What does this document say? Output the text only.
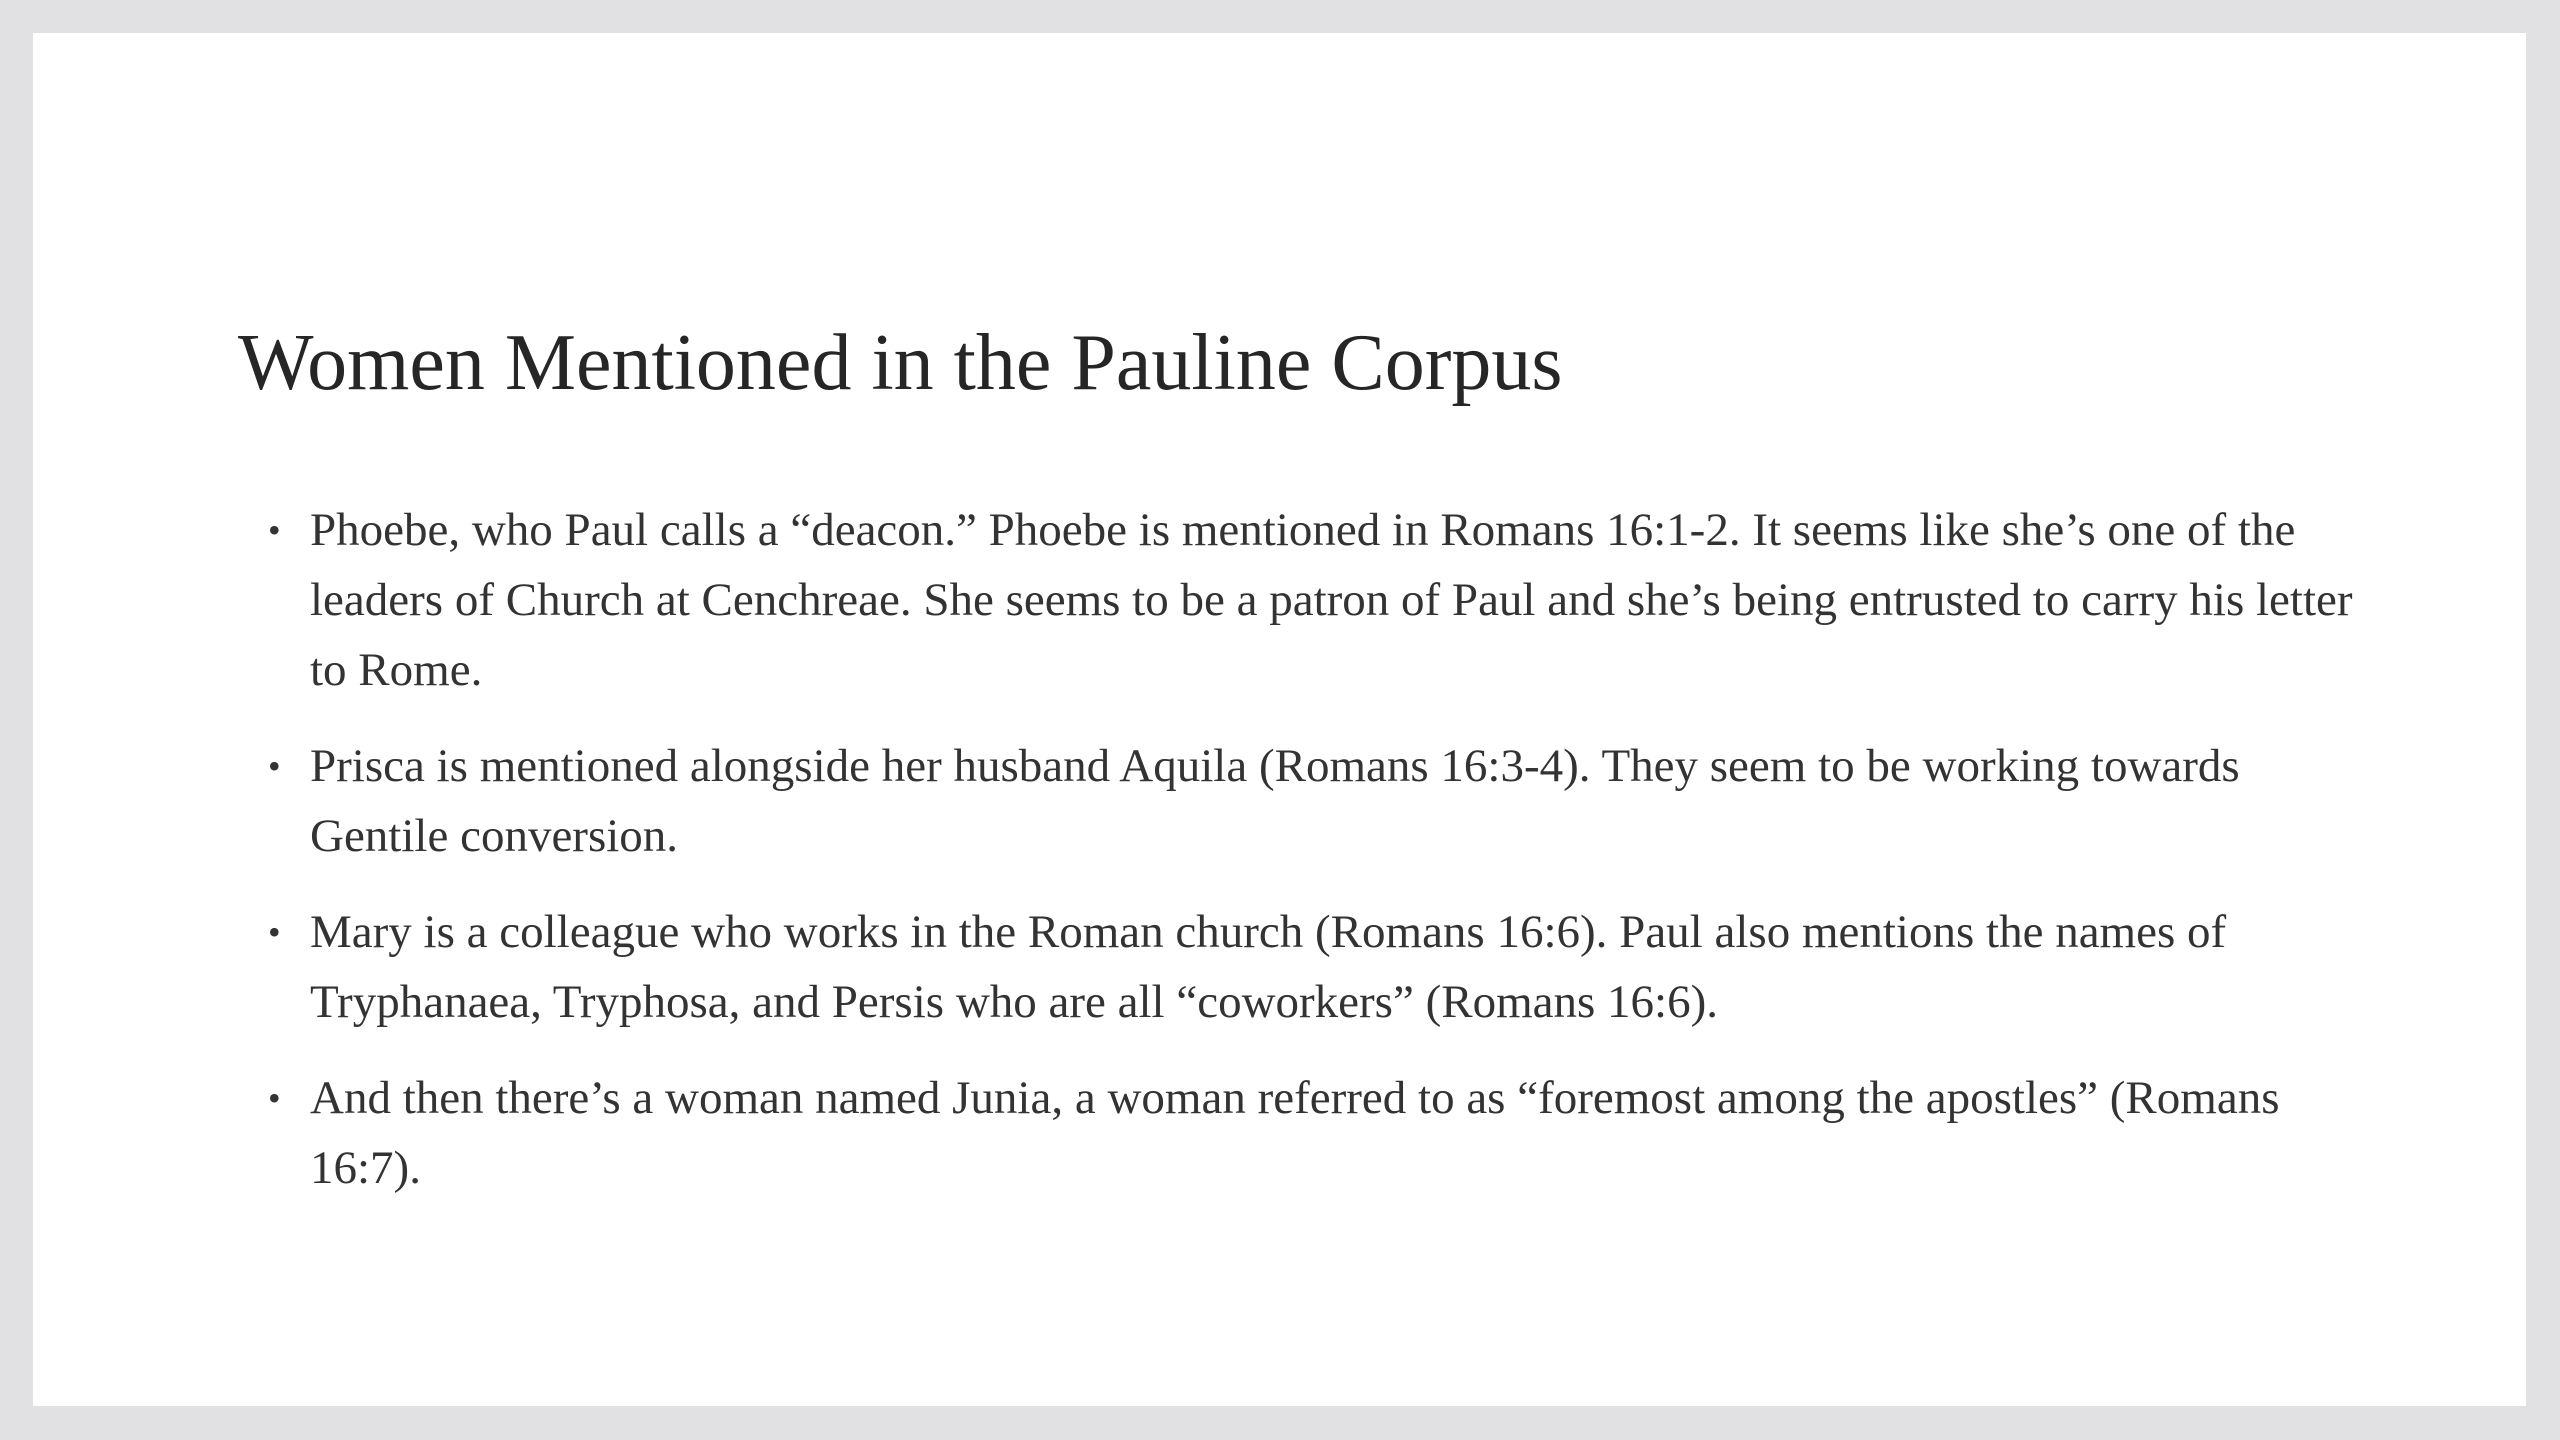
Women Mentioned in the Pauline Corpus
• Phoebe, who Paul calls a “deacon.” Phoebe is mentioned in Romans 16:1-2. It seems like she’s one of the leaders of Church at Cenchreae. She seems to be a patron of Paul and she’s being entrusted to carry his letter to Rome.
• Prisca is mentioned alongside her husband Aquila (Romans 16:3-4). They seem to be working towards Gentile conversion.
• Mary is a colleague who works in the Roman church (Romans 16:6). Paul also mentions the names of Tryphanaea, Tryphosa, and Persis who are all “coworkers” (Romans 16:6).
• And then there’s a woman named Junia, a woman referred to as “foremost among the apostles” (Romans 16:7).
